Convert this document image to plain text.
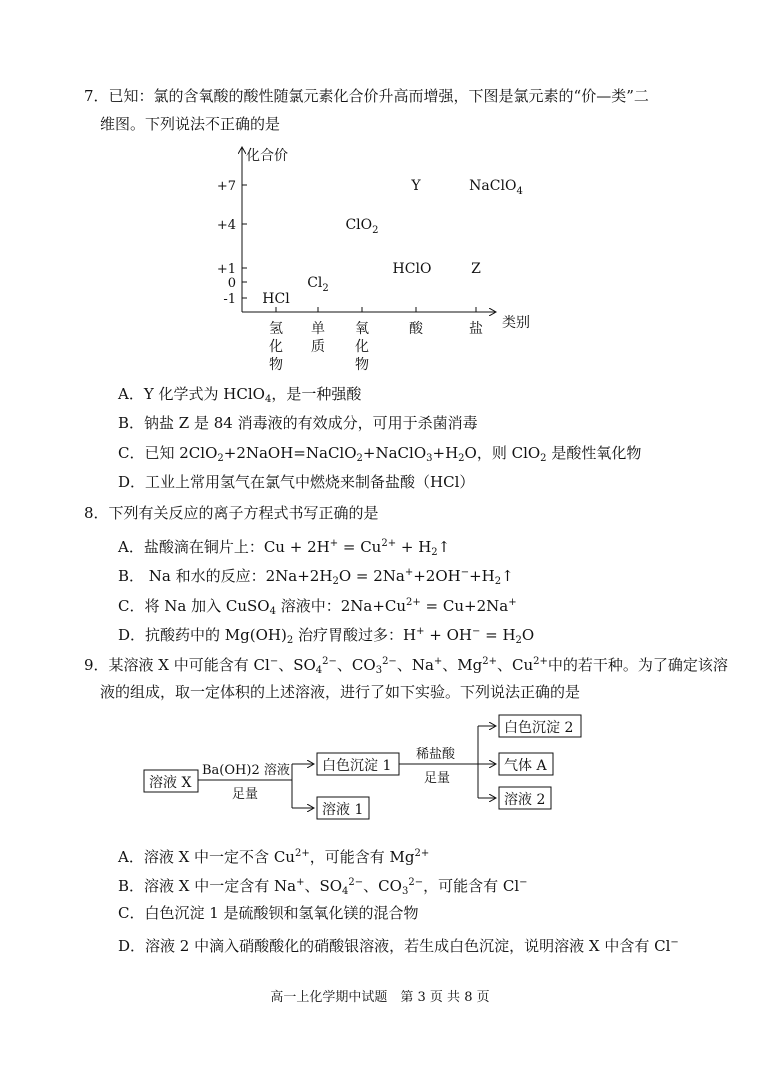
7．已知：氯的含氧酸的酸性随氯元素化合价升高而增强，下图是氯元素的“价—类”二
维图。下列说法不正确的是
化合价
类别
+7
+4
+1
0
-1
氢
化
物
单
质
氧
化
物
酸	盐
HCl
$Cl_2$
ClO$_2$
HClO	Z
Y	NaClO$_4$
A．Y 化学式为 HClO$_4$，是一种强酸
B．钠盐 Z 是 84 消毒液的有效成分，可用于杀菌消毒
C．已知 $2ClO_2+2NaOH=NaClO_2+NaClO_3+H_2O$，则 ClO$_2$ 是酸性氧化物
D．工业上常用氢气在氯气中燃烧来制备盐酸（HCl）
8．下列有关反应的离子方程式书写正确的是
A．盐酸滴在铜片上：$Cu + 2H^+ = Cu^{2+}$ + $H_2↑$
B． Na 和水的反应：$2Na+2H_2O$ = $2Na^++2OH^-+H_2↑$
C．将 Na 加入 CuSO$_4$ 溶液中：$2Na+Cu^{2+} = Cu+2Na^+$
D．抗酸药中的 $Mg(OH)_2$ 治疗胃酸过多：$H^+ + OH^- = H_2O$
9．某溶液 X 中可能含有 Cl−、$SO_4^{2-}$、$CO_3^{2-}$、Na+、$Mg^{2+}$、$Cu^{2+}$中的若干种。为了确定该溶
液的组成，取一定体积的上述溶液，进行了如下实验。下列说法正确的是
溶液 X
Ba(OH)2 溶液
足量
白色沉淀 1
溶液 1
稀盐酸
足量
白色沉淀 2
气体 A
溶液 2
A．溶液 X 中一定不含 $Cu^{2+}$，可能含有 $Mg^{2+}$
B．溶液 X 中一定含有 Na+、$SO_4^{2-}$、$CO_3^{2-}$，可能含有 Cl−
C．白色沉淀 1 是硫酸钡和氢氧化镁的混合物
D．溶液 2 中滴入硝酸酸化的硝酸银溶液，若生成白色沉淀，说明溶液 X 中含有 Cl−
高一上化学期中试题　第 3 页 共 8 页
